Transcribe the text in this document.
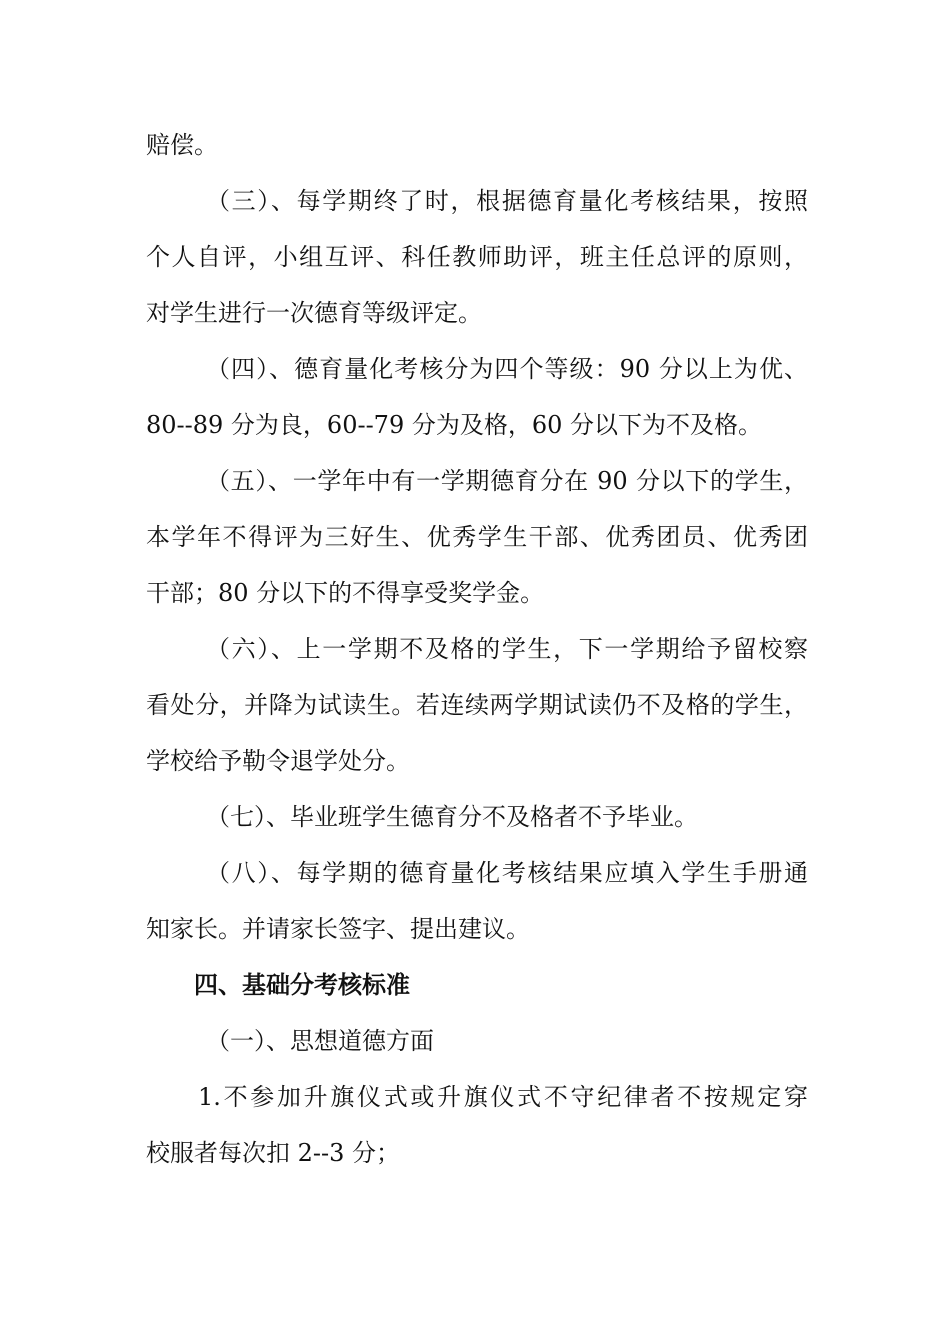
赔偿。
（三）、每学期终了时，根据德育量化考核结果，按照
个人自评，小组互评、科任教师助评，班主任总评的原则，
对学生进行一次德育等级评定。
（四）、德育量化考核分为四个等级：90 分以上为优、
80--89 分为良，60--79 分为及格，60 分以下为不及格。
（五）、一学年中有一学期德育分在 90 分以下的学生，
本学年不得评为三好生、优秀学生干部、优秀团员、优秀团
干部；80 分以下的不得享受奖学金。
（六）、上一学期不及格的学生，下一学期给予留校察
看处分，并降为试读生。若连续两学期试读仍不及格的学生，
学校给予勒令退学处分。
（七）、毕业班学生德育分不及格者不予毕业。
（八）、每学期的德育量化考核结果应填入学生手册通
知家长。并请家长签字、提出建议。
四、基础分考核标准
（一）、思想道德方面
1.不参加升旗仪式或升旗仪式不守纪律者不按规定穿
校服者每次扣 2--3 分；
